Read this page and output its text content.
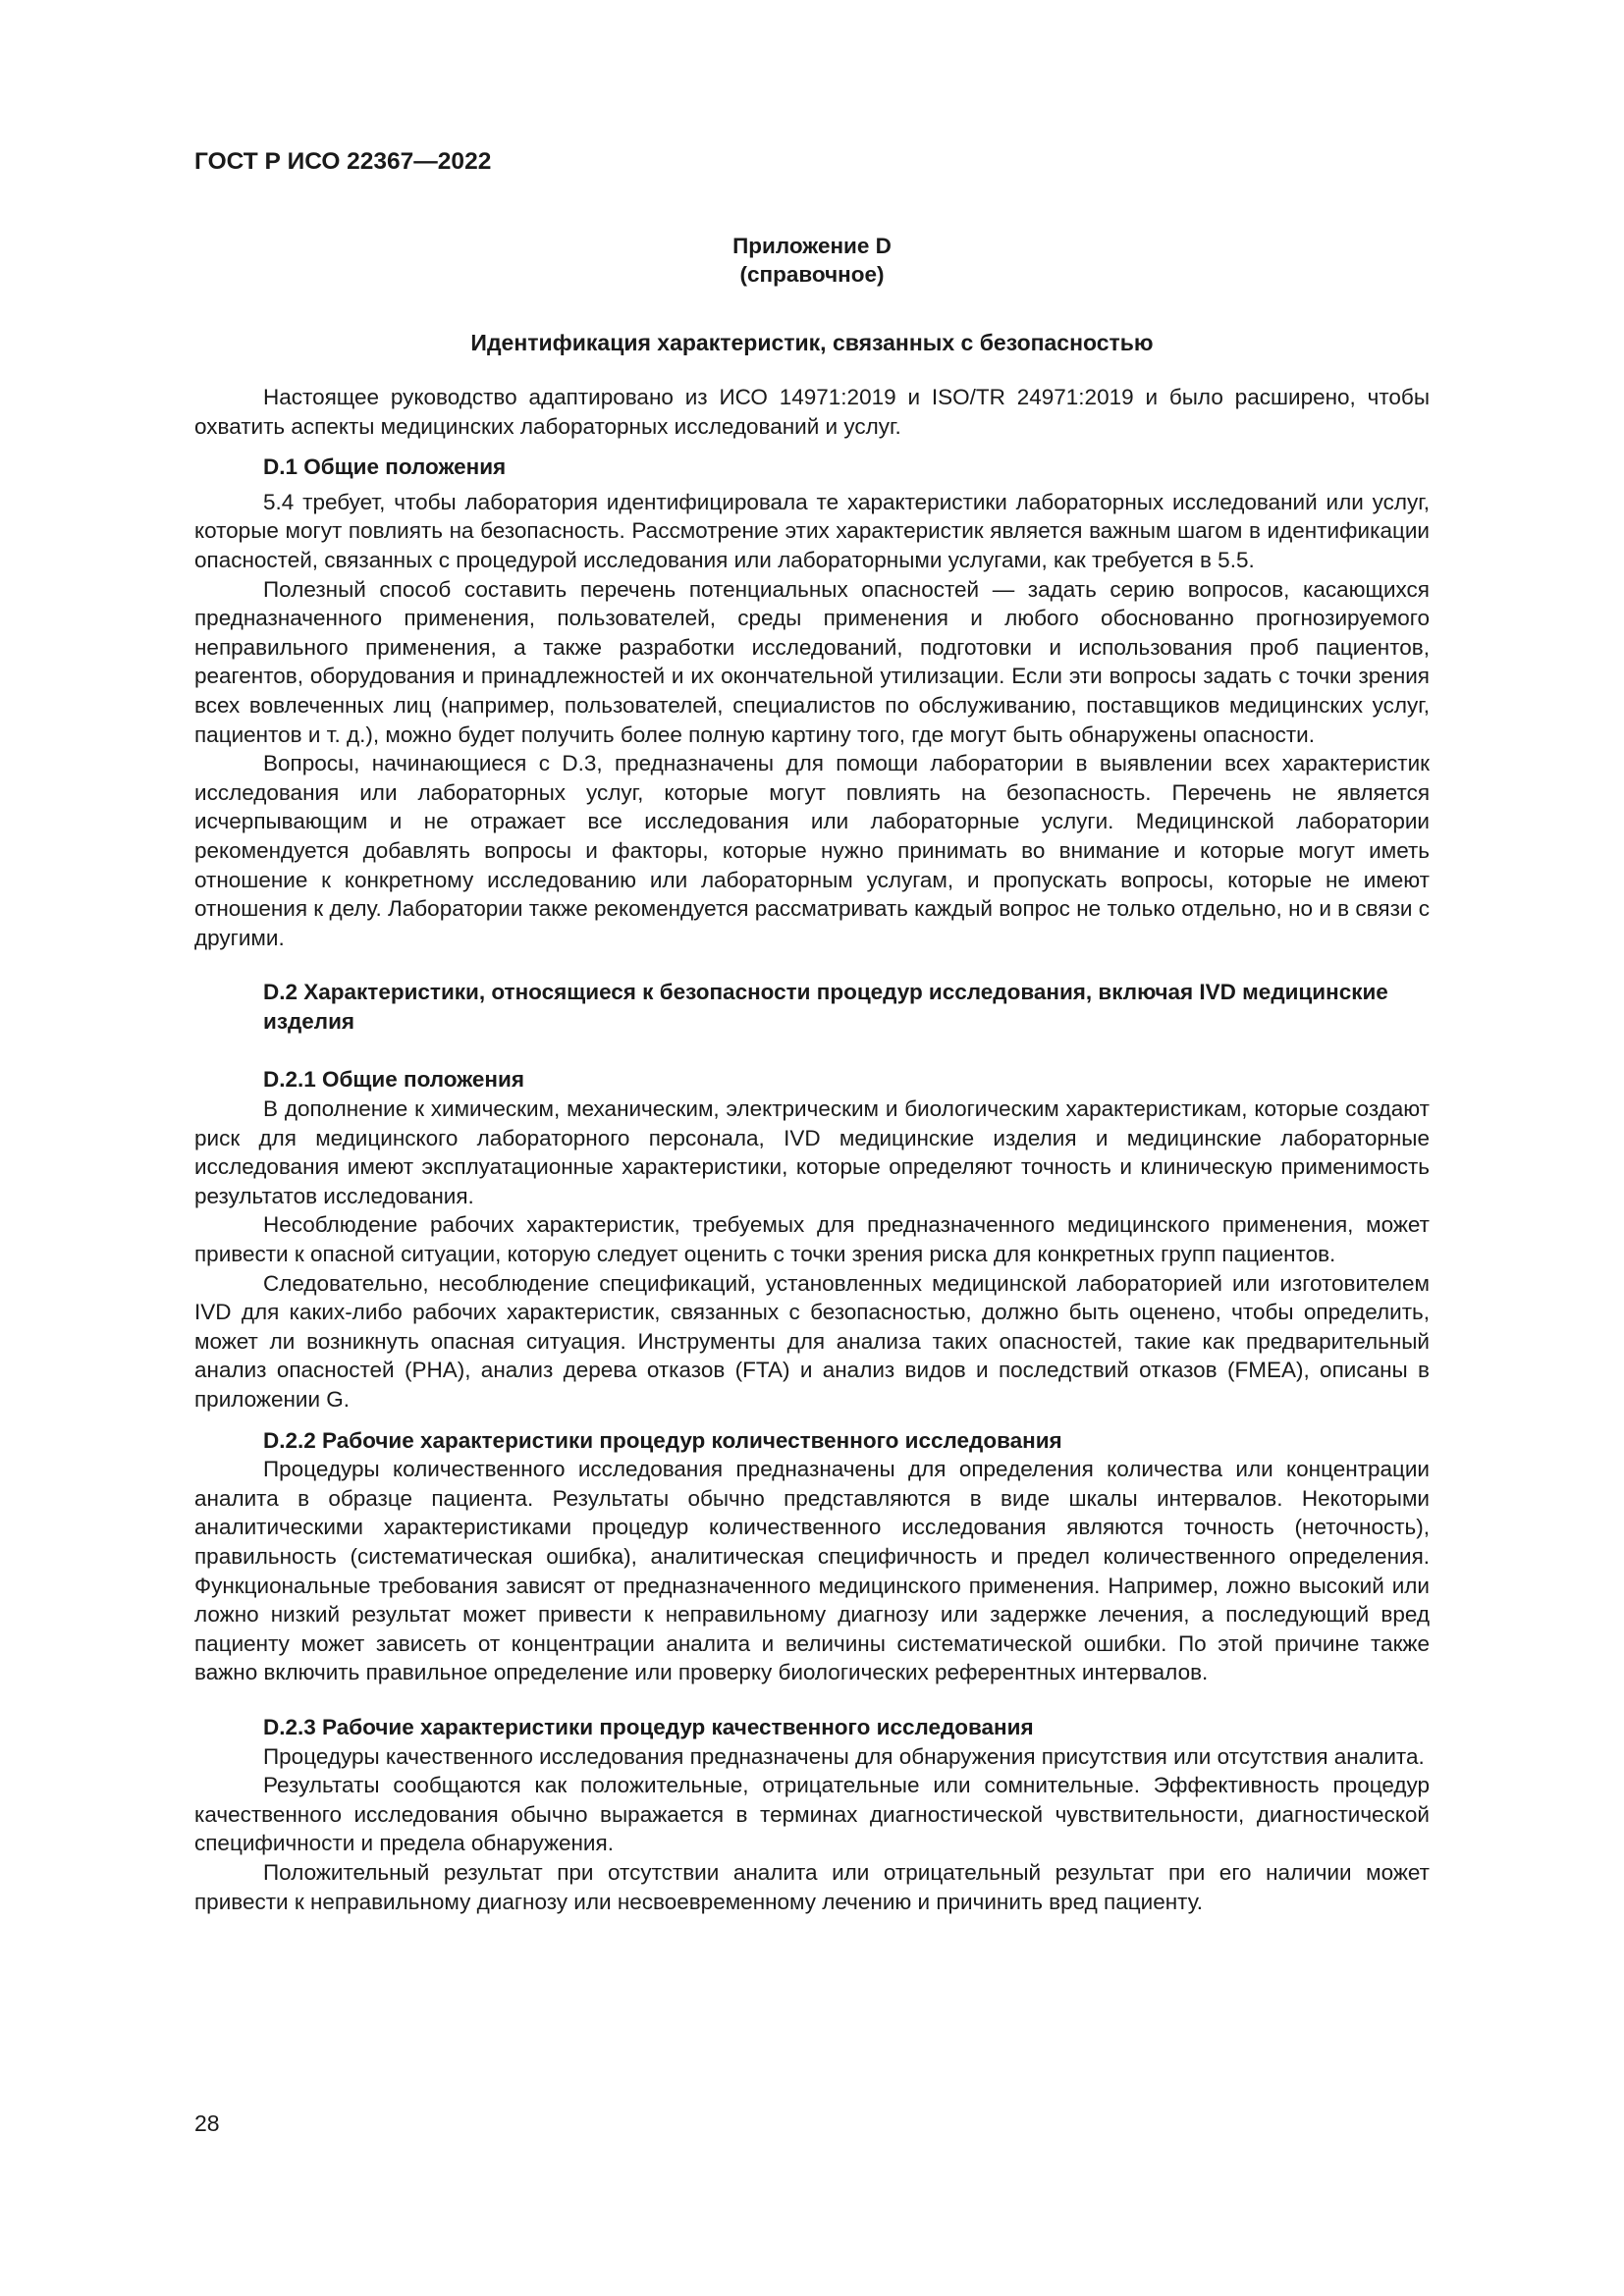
ГОСТ Р ИСО 22367—2022
Приложение D
(справочное)
Идентификация характеристик, связанных с безопасностью

Настоящее руководство адаптировано из ИСО 14971:2019 и ISO/TR 24971:2019 и было расширено, чтобы охватить аспекты медицинских лабораторных исследований и услуг.

D.1 Общие положения

5.4 требует, чтобы лаборатория идентифицировала те характеристики лабораторных исследований или услуг, которые могут повлиять на безопасность. Рассмотрение этих характеристик является важным шагом в идентификации опасностей, связанных с процедурой исследования или лабораторными услугами, как требуется в 5.5.

Полезный способ составить перечень потенциальных опасностей — задать серию вопросов, касающихся предназначенного применения, пользователей, среды применения и любого обоснованно прогнозируемого неправильного применения, а также разработки исследований, подготовки и использования проб пациентов, реагентов, оборудования и принадлежностей и их окончательной утилизации. Если эти вопросы задать с точки зрения всех вовлеченных лиц (например, пользователей, специалистов по обслуживанию, поставщиков медицинских услуг, пациентов и т. д.), можно будет получить более полную картину того, где могут быть обнаружены опасности.

Вопросы, начинающиеся с D.3, предназначены для помощи лаборатории в выявлении всех характеристик исследования или лабораторных услуг, которые могут повлиять на безопасность. Перечень не является исчерпывающим и не отражает все исследования или лабораторные услуги. Медицинской лаборатории рекомендуется добавлять вопросы и факторы, которые нужно принимать во внимание и которые могут иметь отношение к конкретному исследованию или лабораторным услугам, и пропускать вопросы, которые не имеют отношения к делу. Лаборатории также рекомендуется рассматривать каждый вопрос не только отдельно, но и в связи с другими.

D.2 Характеристики, относящиеся к безопасности процедур исследования, включая IVD медицинские изделия
D.2.1 Общие положения

В дополнение к химическим, механическим, электрическим и биологическим характеристикам, которые создают риск для медицинского лабораторного персонала, IVD медицинские изделия и медицинские лабораторные исследования имеют эксплуатационные характеристики, которые определяют точность и клиническую применимость результатов исследования.

Несоблюдение рабочих характеристик, требуемых для предназначенного медицинского применения, может привести к опасной ситуации, которую следует оценить с точки зрения риска для конкретных групп пациентов.

Следовательно, несоблюдение спецификаций, установленных медицинской лабораторией или изготовителем IVD для каких-либо рабочих характеристик, связанных с безопасностью, должно быть оценено, чтобы определить, может ли возникнуть опасная ситуация. Инструменты для анализа таких опасностей, такие как предварительный анализ опасностей (PHA), анализ дерева отказов (FTA) и анализ видов и последствий отказов (FMEA), описаны в приложении G.

D.2.2 Рабочие характеристики процедур количественного исследования

Процедуры количественного исследования предназначены для определения количества или концентрации аналита в образце пациента. Результаты обычно представляются в виде шкалы интервалов. Некоторыми аналитическими характеристиками процедур количественного исследования являются точность (неточность), правильность (систематическая ошибка), аналитическая специфичность и предел количественного определения. Функциональные требования зависят от предназначенного медицинского применения. Например, ложно высокий или ложно низкий результат может привести к неправильному диагнозу или задержке лечения, а последующий вред пациенту может зависеть от концентрации аналита и величины систематической ошибки. По этой причине также важно включить правильное определение или проверку биологических референтных интервалов.

D.2.3 Рабочие характеристики процедур качественного исследования

Процедуры качественного исследования предназначены для обнаружения присутствия или отсутствия аналита.

Результаты сообщаются как положительные, отрицательные или сомнительные. Эффективность процедур качественного исследования обычно выражается в терминах диагностической чувствительности, диагностической специфичности и предела обнаружения.

Положительный результат при отсутствии аналита или отрицательный результат при его наличии может привести к неправильному диагнозу или несвоевременному лечению и причинить вред пациенту.

28
